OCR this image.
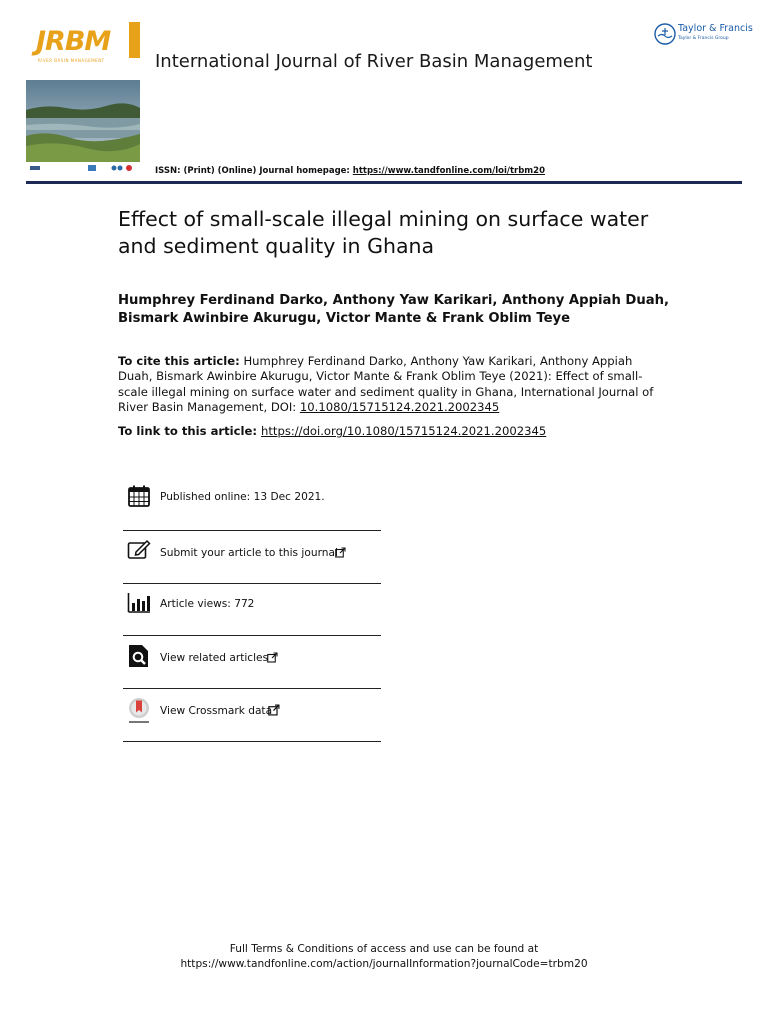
JRBM
RIVER BASIN MANAGEMENT	International Journal of River Basin Management
Taylor & Francis
Taylor & Francis Group
ISSN: (Print) (Online) Journal homepage: https://www.tandfonline.com/loi/trbm20
Effect of small-scale illegal mining on surface water and sediment quality in Ghana
Humphrey Ferdinand Darko, Anthony Yaw Karikari, Anthony Appiah Duah, Bismark Awinbire Akurugu, Victor Mante & Frank Oblim Teye
To cite this article: Humphrey Ferdinand Darko, Anthony Yaw Karikari, Anthony Appiah Duah, Bismark Awinbire Akurugu, Victor Mante & Frank Oblim Teye (2021): Effect of small-scale illegal mining on surface water and sediment quality in Ghana, International Journal of River Basin Management, DOI: 10.1080/15715124.2021.2002345
To link to this article: https://doi.org/10.1080/15715124.2021.2002345
Published online: 13 Dec 2021.
Submit your article to this journal
Article views: 772
View related articles
View Crossmark data
Full Terms & Conditions of access and use can be found at
https://www.tandfonline.com/action/journalInformation?journalCode=trbm20
